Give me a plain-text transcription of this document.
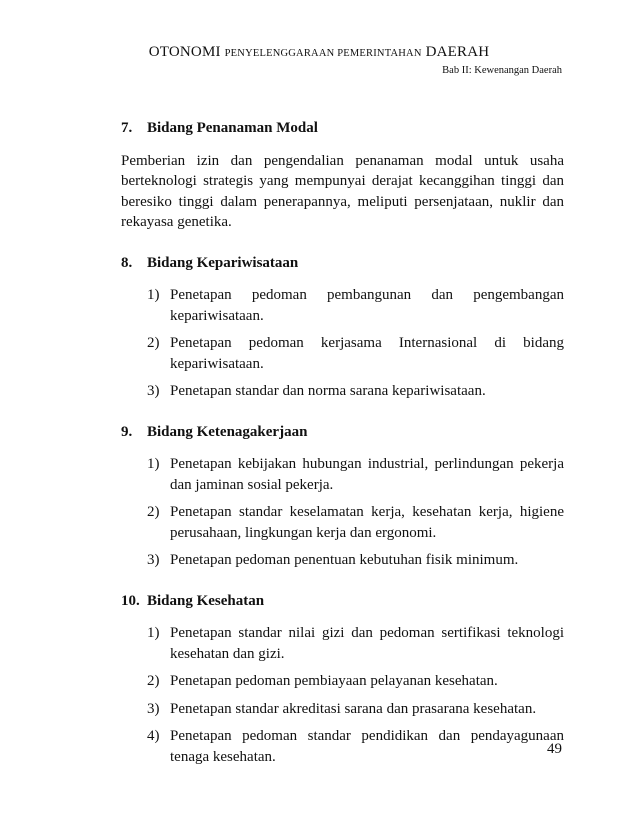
OTONOMI PENYELENGGARAAN PEMERINTAHAN DAERAH
Bab II: Kewenangan Daerah
7. Bidang Penanaman Modal
Pemberian izin dan pengendalian penanaman modal untuk usaha berteknologi strategis yang mempunyai derajat kecanggihan tinggi dan beresiko tinggi dalam penerapannya, meliputi persenjataan, nuklir dan rekayasa genetika.
8. Bidang Kepariwisataan
1) Penetapan pedoman pembangunan dan pengembangan kepariwisataan.
2) Penetapan pedoman kerjasama Internasional di bidang kepariwisataan.
3) Penetapan standar dan norma sarana kepariwisataan.
9. Bidang Ketenagakerjaan
1) Penetapan kebijakan hubungan industrial, perlindungan pekerja dan jaminan sosial pekerja.
2) Penetapan standar keselamatan kerja, kesehatan kerja, higiene perusahaan, lingkungan kerja dan ergonomi.
3) Penetapan pedoman penentuan kebutuhan fisik minimum.
10. Bidang Kesehatan
1) Penetapan standar nilai gizi dan pedoman sertifikasi teknologi kesehatan dan gizi.
2) Penetapan pedoman pembiayaan pelayanan kesehatan.
3) Penetapan standar akreditasi sarana dan prasarana kesehatan.
4) Penetapan pedoman standar pendidikan dan pendayagunaan tenaga kesehatan.	49
